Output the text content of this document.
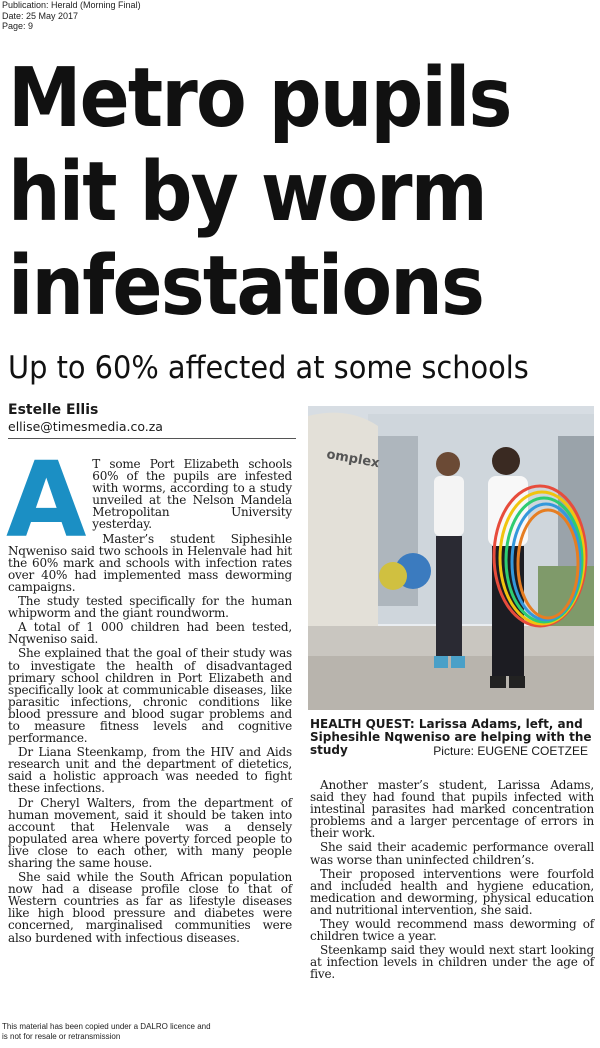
Publication: Herald (Morning Final)
Date: 25 May 2017
Page: 9
Metro pupils
hit by worm
infestations
Up to 60% affected at some schools
Estelle Ellis
ellise@timesmedia.co.za

A T some Port Elizabeth schools 60% of the pupils are infested with worms, according to a study unveiled at the Nelson Mandela Metropolitan University yesterday.

Master’s student Siphesihle Nqweniso said two schools in Helenvale had hit the 60% mark and schools with infection rates over 40% had implemented mass deworming campaigns.

The study tested specifically for the human whipworm and the giant roundworm.

A total of 1 000 children had been tested, Nqweniso said.

She explained that the goal of their study was to investigate the health of disadvantaged primary school children in Port Elizabeth and specifically look at communicable diseases, like parasitic infections, chronic conditions like blood pressure and blood sugar problems and to measure fitness levels and cognitive performance.

Dr Liana Steenkamp, from the HIV and Aids research unit and the department of dietetics, said a holistic approach was needed to fight these infections.

Dr Cheryl Walters, from the department of human movement, said it should be taken into account that Helenvale was a densely populated area where poverty forced people to live close to each other, with many people sharing the same house.

She said while the South African population now had a disease profile close to that of Western countries as far as lifestyle diseases like high blood pressure and diabetes were concerned, marginalised communities were also burdened with infectious diseases.

omplex
HEALTH QUEST: Larissa Adams, left, and Siphesihle Nqweniso are helping with the study	Picture: EUGENE COETZEE

Another master’s student, Larissa Adams, said they had found that pupils infected with intestinal parasites had marked concentration problems and a larger percentage of errors in their work.

She said their academic performance overall was worse than uninfected children’s.

Their proposed interventions were fourfold and included health and hygiene education, medication and deworming, physical education and nutritional intervention, she said.

They would recommend mass deworming of children twice a year.

Steenkamp said they would next start looking at infection levels in children under the age of five.

This material has been copied under a DALRO licence and
is not for resale or retransmission
